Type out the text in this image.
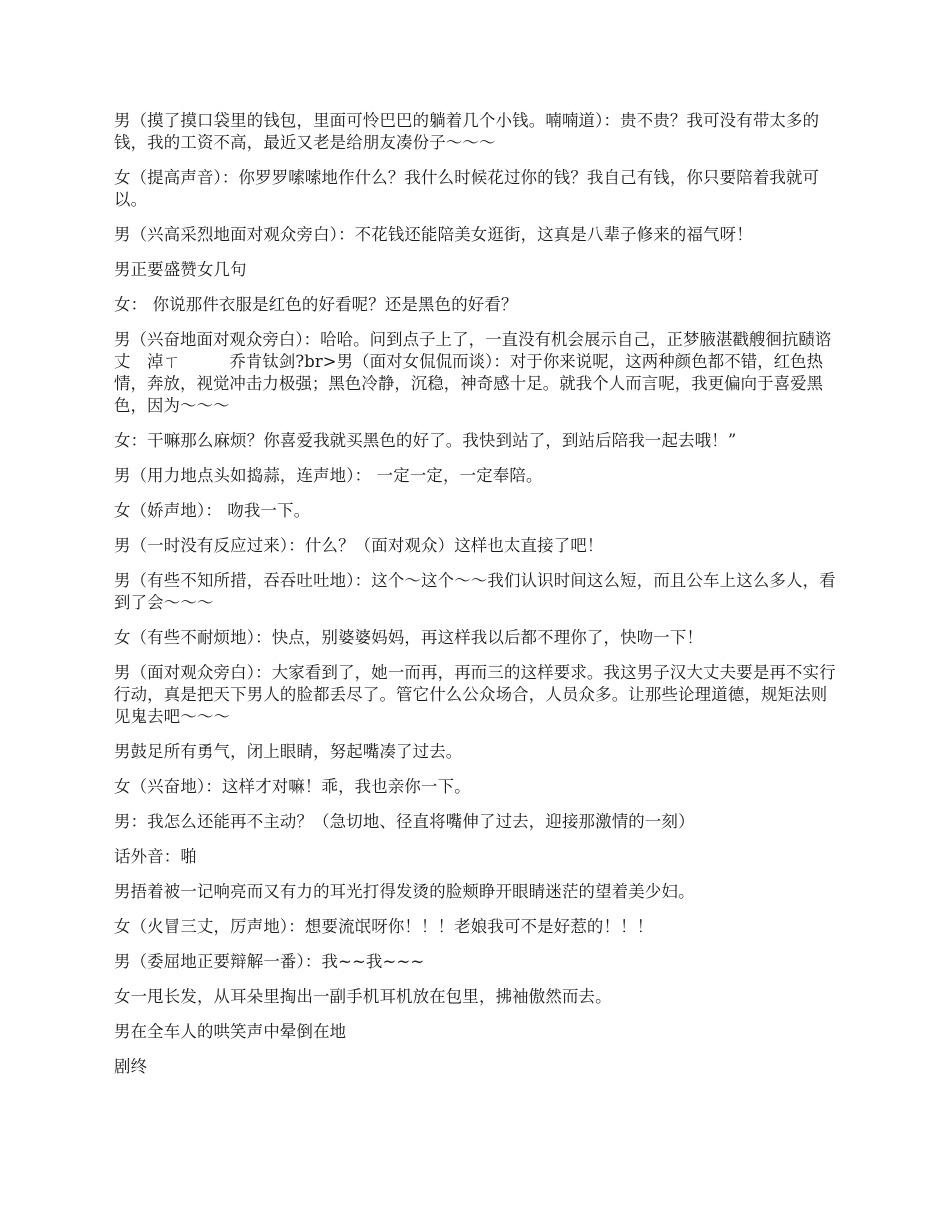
男（摸了摸口袋里的钱包，里面可怜巴巴的躺着几个小钱。喃喃道）：贵不贵？我可没有带太多的钱，我的工资不高，最近又老是给朋友凑份子～～～

女（提高声音）：你罗罗嗦嗦地作什么？我什么时候花过你的钱？我自己有钱，你只要陪着我就可以。

男（兴高采烈地面对观众旁白）：不花钱还能陪美女逛街，这真是八辈子修来的福气呀！

男正要盛赞女几句

女： 你说那件衣服是红色的好看呢？还是黑色的好看？

男（兴奋地面对观众旁白）：哈哈。问到点子上了，一直没有机会展示自己，正梦腋湛戳艘徊抗赜谘丈　淖ㄒ　　　乔肯钛剑?br>男（面对女侃侃而谈）：对于你来说呢，这两种颜色都不错，红色热情，奔放，视觉冲击力极强；黑色冷静，沉稳，神奇感十足。就我个人而言呢，我更偏向于喜爱黑色，因为～～～

女：干嘛那么麻烦？你喜爱我就买黑色的好了。我快到站了，到站后陪我一起去哦！”

男（用力地点头如捣蒜，连声地）： 一定一定，一定奉陪。

女（娇声地）： 吻我一下。

男（一时没有反应过来）：什么？（面对观众）这样也太直接了吧！

男（有些不知所措，吞吞吐吐地）：这个～这个～～我们认识时间这么短，而且公车上这么多人，看到了会～～～

女（有些不耐烦地）：快点，别婆婆妈妈，再这样我以后都不理你了，快吻一下！

男（面对观众旁白）：大家看到了，她一而再，再而三的这样要求。我这男子汉大丈夫要是再不实行行动，真是把天下男人的脸都丢尽了。管它什么公众场合，人员众多。让那些论理道德，规矩法则见鬼去吧～～～

男鼓足所有勇气，闭上眼睛，努起嘴凑了过去。

女（兴奋地）：这样才对嘛！乖，我也亲你一下。

男：我怎么还能再不主动？（急切地、径直将嘴伸了过去，迎接那激情的一刻）

话外音：啪

男捂着被一记响亮而又有力的耳光打得发烫的脸颊睁开眼睛迷茫的望着美少妇。

女（火冒三丈，厉声地）：想要流氓呀你！！！老娘我可不是好惹的！！！

男（委屈地正要辩解一番）：我~~我~~~

女一甩长发，从耳朵里掏出一副手机耳机放在包里，拂袖傲然而去。

男在全车人的哄笑声中晕倒在地

剧终
